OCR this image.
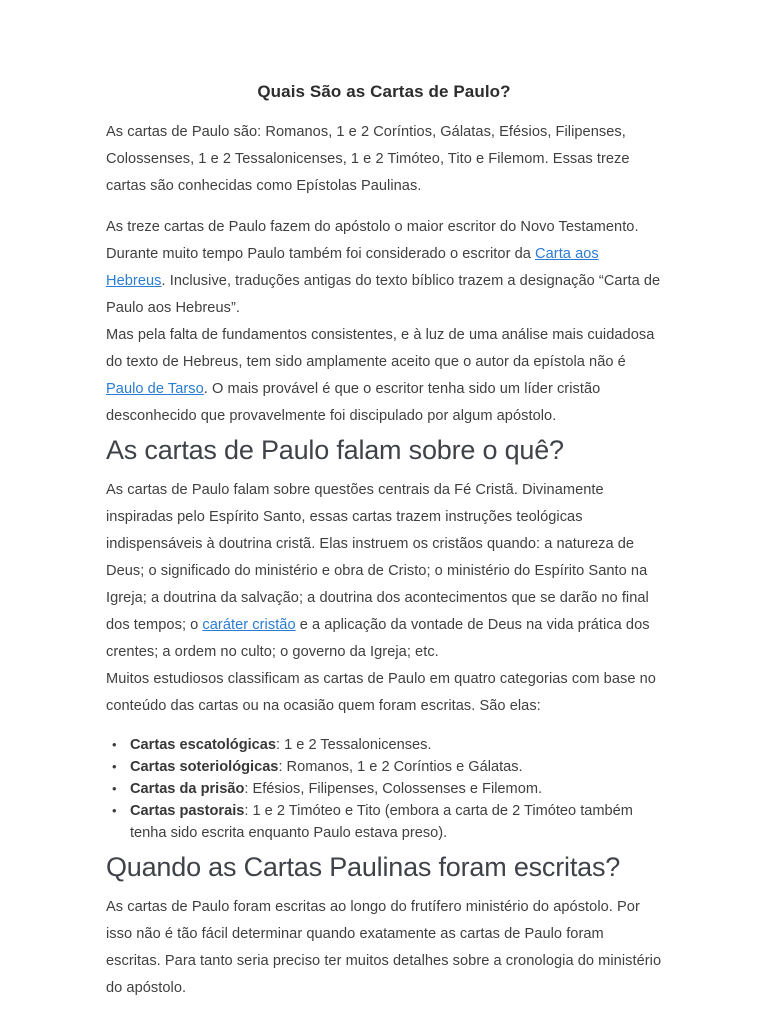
Quais São as Cartas de Paulo?

As cartas de Paulo são: Romanos, 1 e 2 Coríntios, Gálatas, Efésios, Filipenses, Colossenses, 1 e 2 Tessalonicenses, 1 e 2 Timóteo, Tito e Filemom. Essas treze cartas são conhecidas como Epístolas Paulinas.

As treze cartas de Paulo fazem do apóstolo o maior escritor do Novo Testamento. Durante muito tempo Paulo também foi considerado o escritor da Carta aos Hebreus. Inclusive, traduções antigas do texto bíblico trazem a designação “Carta de Paulo aos Hebreus”.

Mas pela falta de fundamentos consistentes, e à luz de uma análise mais cuidadosa do texto de Hebreus, tem sido amplamente aceito que o autor da epístola não é Paulo de Tarso. O mais provável é que o escritor tenha sido um líder cristão desconhecido que provavelmente foi discipulado por algum apóstolo.

As cartas de Paulo falam sobre o quê?

As cartas de Paulo falam sobre questões centrais da Fé Cristã. Divinamente inspiradas pelo Espírito Santo, essas cartas trazem instruções teológicas indispensáveis à doutrina cristã. Elas instruem os cristãos quando: a natureza de Deus; o significado do ministério e obra de Cristo; o ministério do Espírito Santo na Igreja; a doutrina da salvação; a doutrina dos acontecimentos que se darão no final dos tempos; o caráter cristão e a aplicação da vontade de Deus na vida prática dos crentes; a ordem no culto; o governo da Igreja; etc.

Muitos estudiosos classificam as cartas de Paulo em quatro categorias com base no conteúdo das cartas ou na ocasião quem foram escritas. São elas:

• Cartas escatológicas: 1 e 2 Tessalonicenses.
• Cartas soteriológicas: Romanos, 1 e 2 Coríntios e Gálatas.
• Cartas da prisão: Efésios, Filipenses, Colossenses e Filemom.
• Cartas pastorais: 1 e 2 Timóteo e Tito (embora a carta de 2 Timóteo também tenha sido escrita enquanto Paulo estava preso).
Quando as Cartas Paulinas foram escritas?

As cartas de Paulo foram escritas ao longo do frutífero ministério do apóstolo. Por isso não é tão fácil determinar quando exatamente as cartas de Paulo foram escritas. Para tanto seria preciso ter muitos detalhes sobre a cronologia do ministério do apóstolo.
